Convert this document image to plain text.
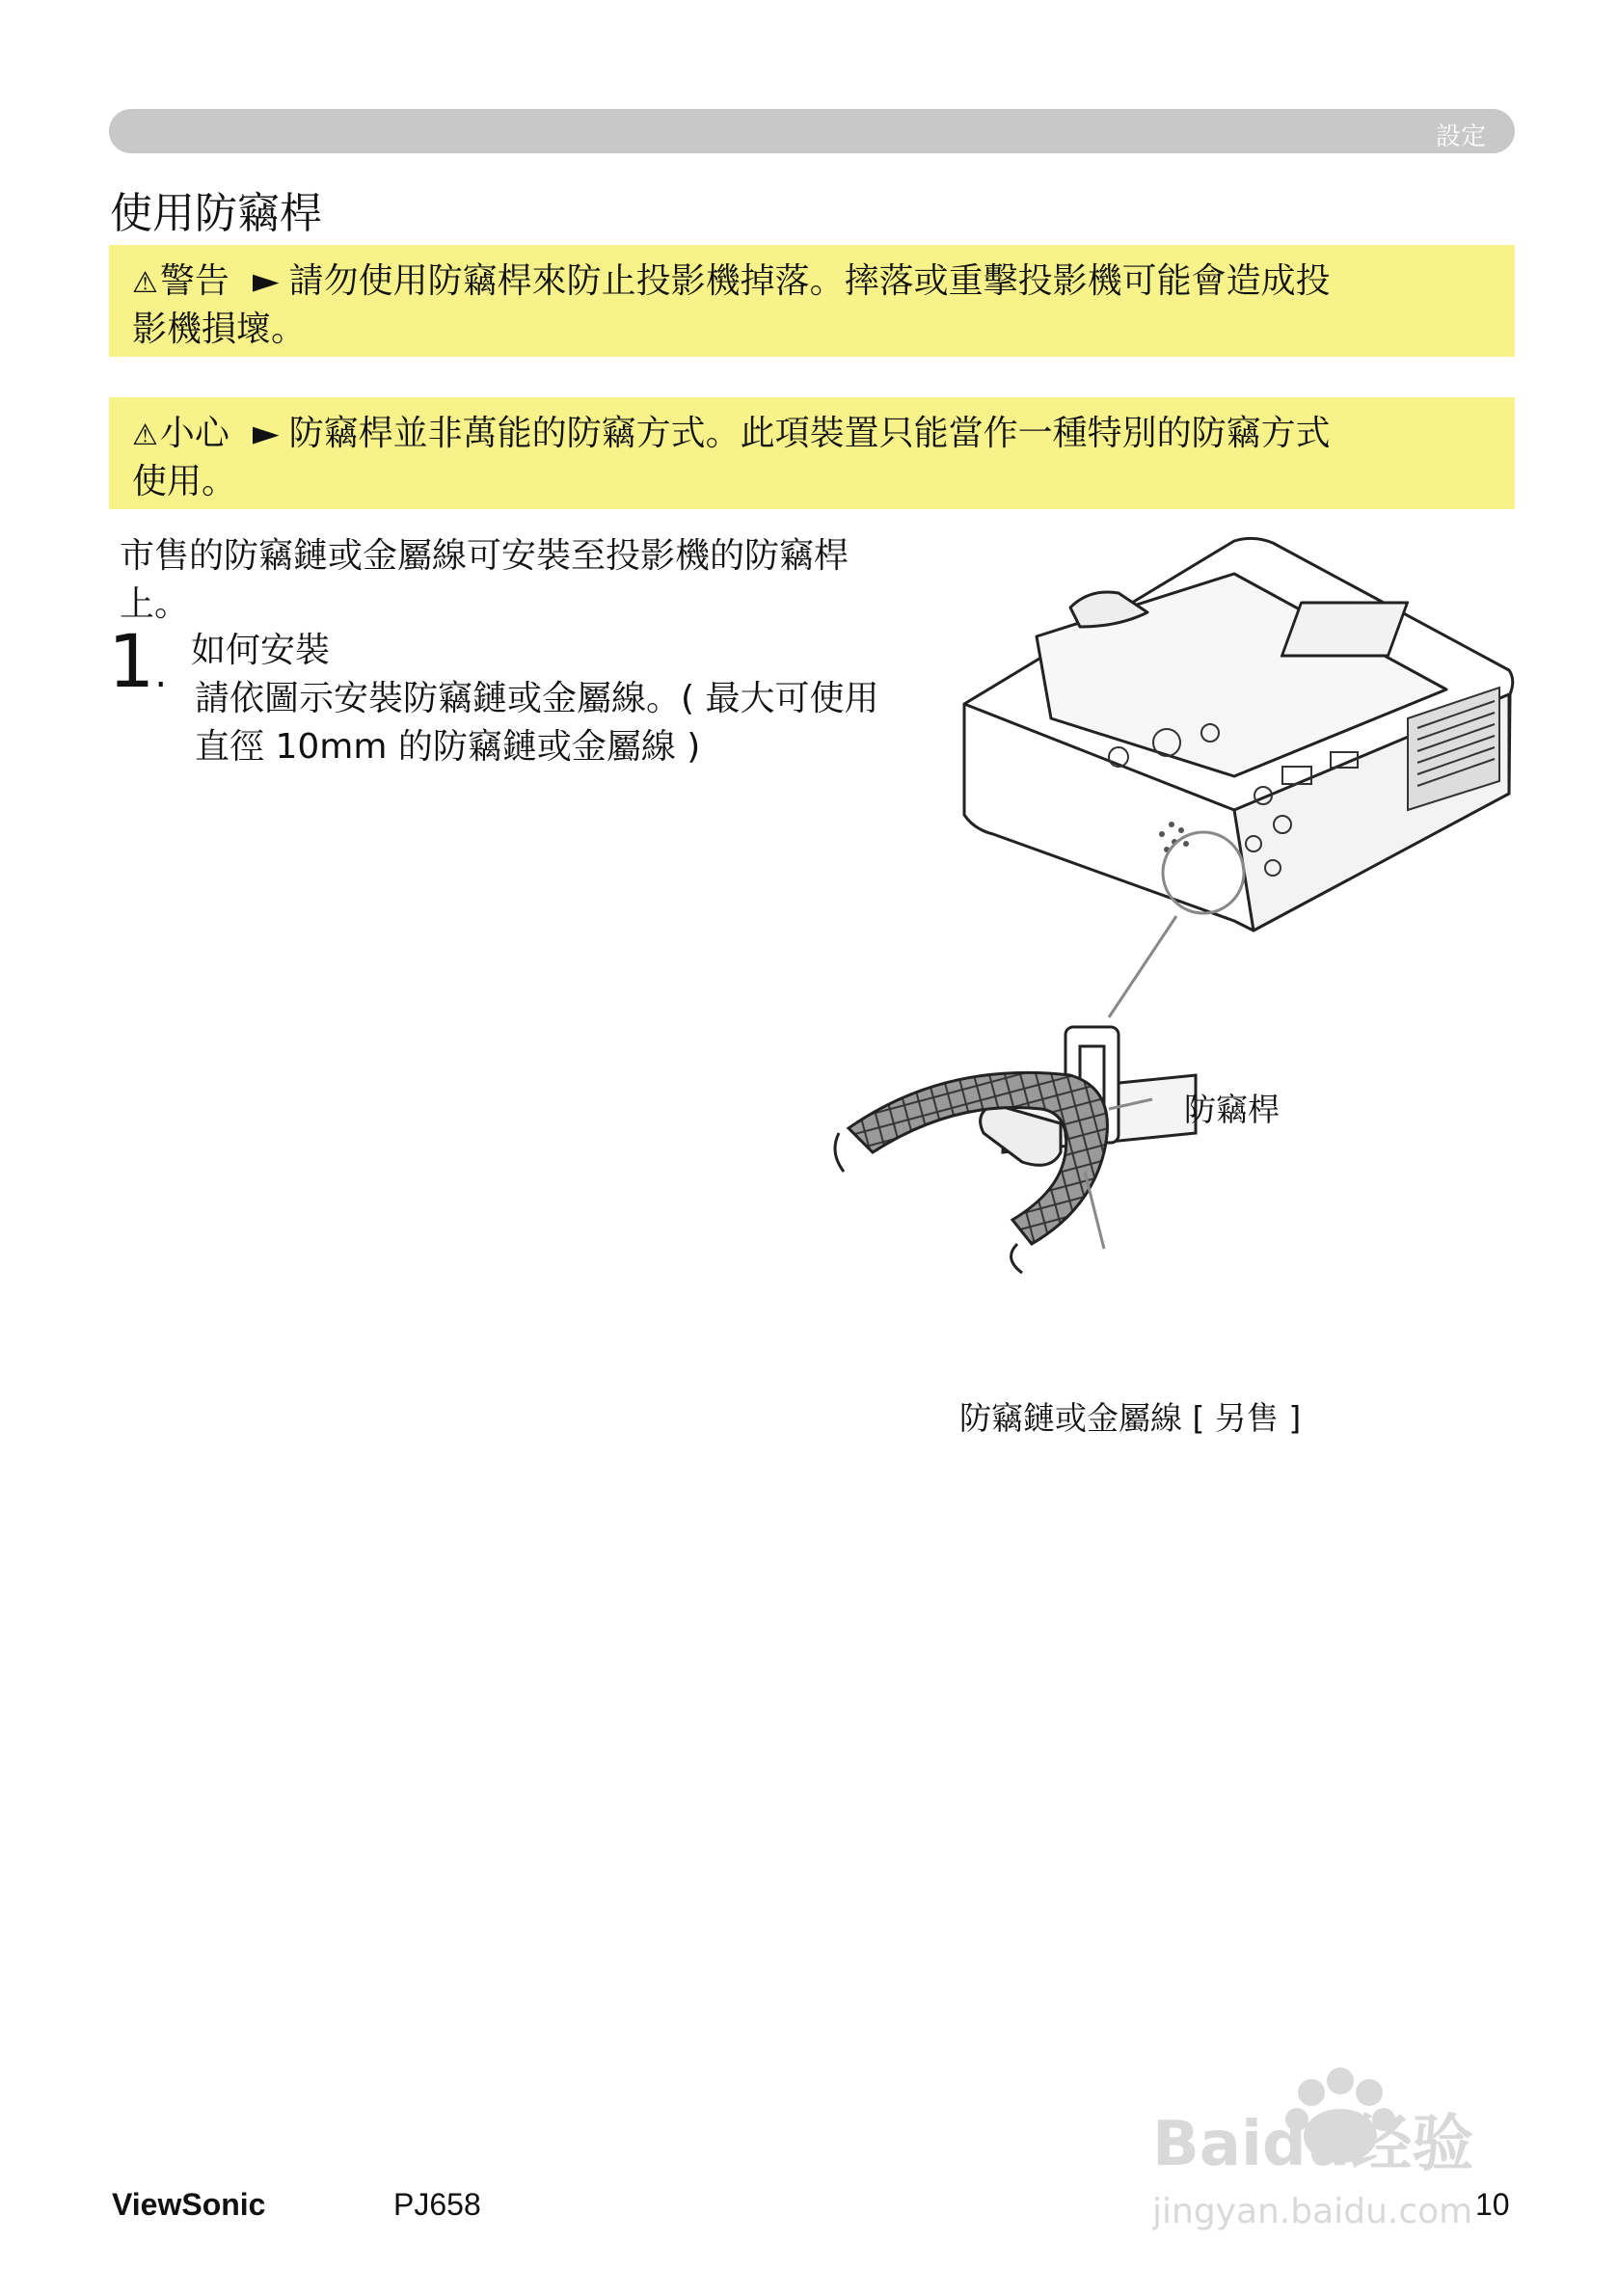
設定
使用防竊桿
⚠警告 ► 請勿使用防竊桿來防止投影機掉落。摔落或重擊投影機可能會造成投
影機損壞。
⚠小心 ► 防竊桿並非萬能的防竊方式。此項裝置只能當作一種特別的防竊方式
使用。
市售的防竊鏈或金屬線可安裝至投影機的防竊桿
上。
1.
如何安裝
請依圖示安裝防竊鏈或金屬線。( 最大可使用
直徑 10mm 的防竊鏈或金屬線 )
防竊桿
防竊鏈或金屬線 [ 另售 ]
ViewSonic	PJ658	10
Baidu经验
jingyan.baidu.com
